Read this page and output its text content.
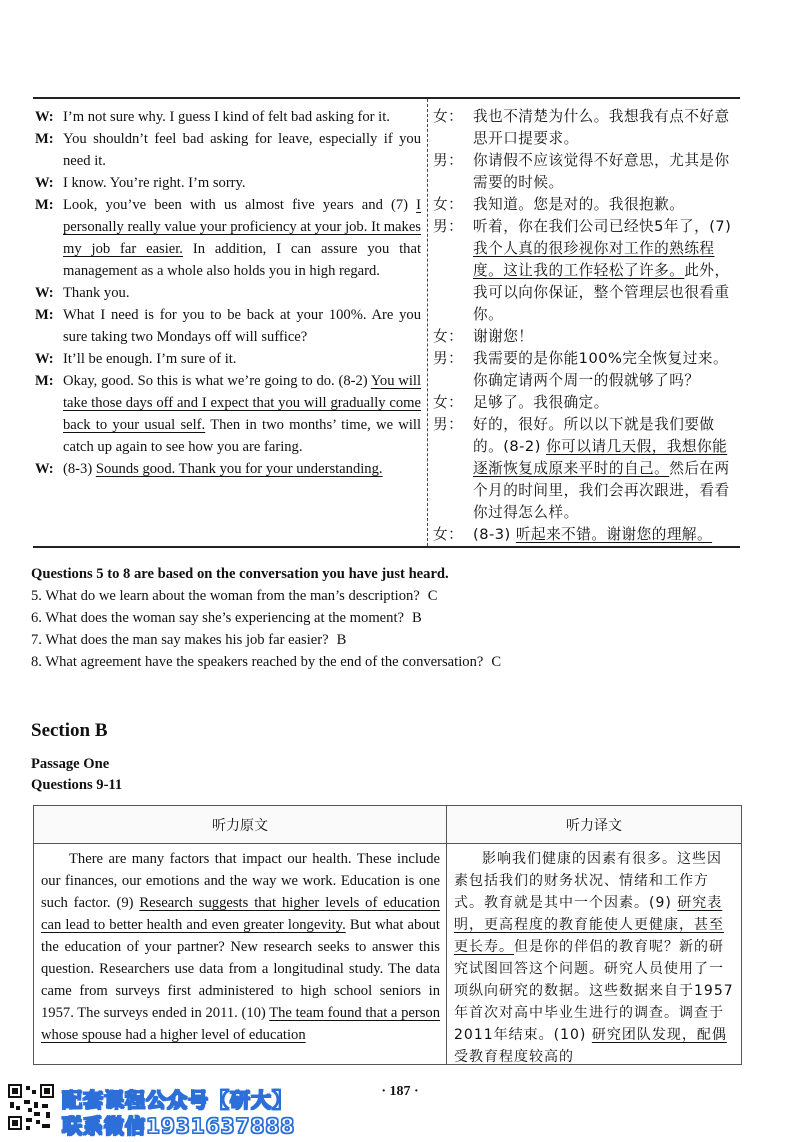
W: I’m not sure why. I guess I kind of felt bad asking for it.
M: You shouldn’t feel bad asking for leave, especially if you need it.
W: I know. You’re right. I’m sorry.
M: Look, you’ve been with us almost five years and (7) I personally really value your proficiency at your job. It makes my job far easier. In addition, I can assure you that management as a whole also holds you in high regard.
W: Thank you.
M: What I need is for you to be back at your 100%. Are you sure taking two Mondays off will suffice?
W: It’ll be enough. I’m sure of it.
M: Okay, good. So this is what we’re going to do. (8-2) You will take those days off and I expect that you will gradually come back to your usual self. Then in two months’ time, we will catch up again to see how you are faring.
W: (8-3) Sounds good. Thank you for your understanding.
女： 我也不清楚为什么。我想我有点不好意思开口提要求。
男： 你请假不应该觉得不好意思，尤其是你需要的时候。
女： 我知道。您是对的。我很抱歉。
男： 听着，你在我们公司已经快5年了，(7) 我个人真的很珍视你对工作的熟练程度。这让我的工作轻松了许多。此外，我可以向你保证，整个管理层也很看重你。
女： 谢谢您！
男： 我需要的是你能100%完全恢复过来。你确定请两个周一的假就够了吗？
女： 足够了。我很确定。
男： 好的，很好。所以以下就是我们要做的。(8-2) 你可以请几天假，我想你能逐渐恢复成原来平时的自己。然后在两个月的时间里，我们会再次跟进，看看你过得怎么样。
女： (8-3) 听起来不错。谢谢您的理解。
Questions 5 to 8 are based on the conversation you have just heard.
5. What do we learn about the woman from the man’s description? C
6. What does the woman say she’s experiencing at the moment? B
7. What does the man say makes his job far easier? B
8. What agreement have the speakers reached by the end of the conversation? C
Section B
Passage One
Questions 9-11
听力原文	听力译文
There are many factors that impact our health. These include our finances, our emotions and the way we work. Education is one such factor. (9) Research suggests that higher levels of education can lead to better health and even greater longevity. But what about the education of your partner? New research seeks to answer this question. Researchers use data from a longitudinal study. The data came from surveys first administered to high school seniors in 1957. The surveys ended in 2011. (10) The team found that a person whose spouse had a higher level of education
影响我们健康的因素有很多。这些因素包括我们的财务状况、情绪和工作方式。教育就是其中一个因素。(9) 研究表明，更高程度的教育能使人更健康，甚至更长寿。但是你的伴侣的教育呢？新的研究试图回答这个问题。研究人员使用了一项纵向研究的数据。这些数据来自于1957年首次对高中毕业生进行的调查。调查于2011年结束。(10) 研究团队发现，配偶受教育程度较高的
· 187 ·
配套课程公众号【研大】
联系微信1931637888
